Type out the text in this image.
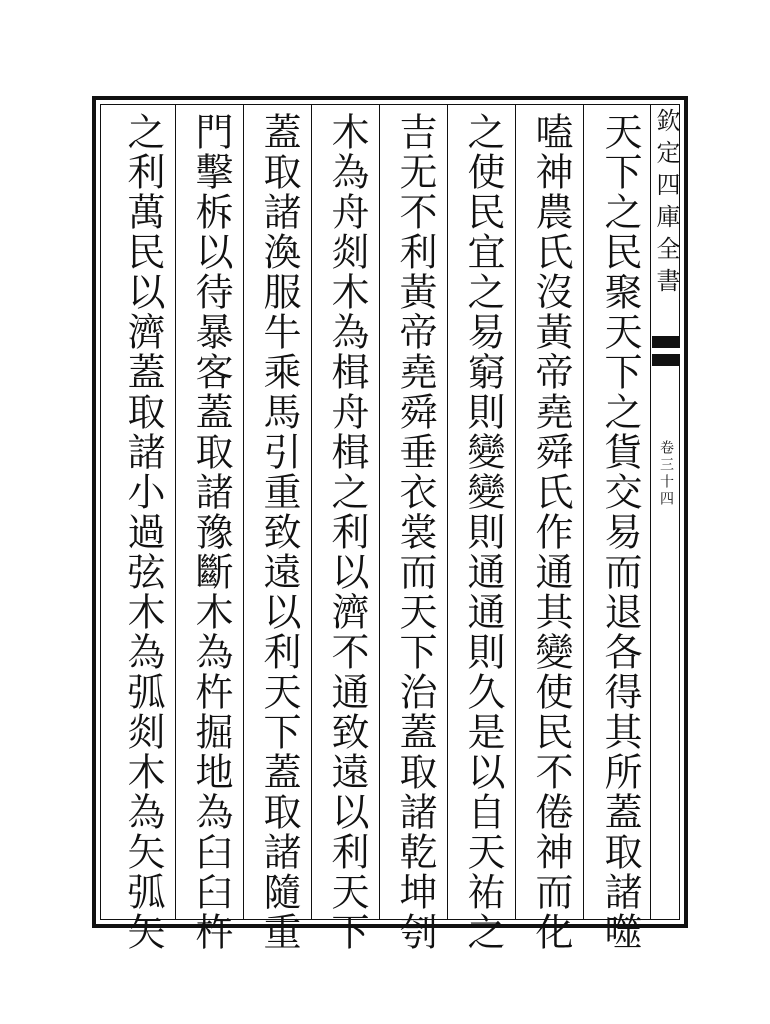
欽定四庫全書
卷三十四
天下之民聚天下之貨交易而退各得其所蓋取諸噬
嗑神農氏沒黃帝堯舜氏作通其變使民不倦神而化
之使民宜之易窮則變變則通通則久是以自天祐之
吉无不利黃帝堯舜垂衣裳而天下治蓋取諸乾坤刳
木為舟剡木為楫舟楫之利以濟不通致遠以利天下
蓋取諸渙服牛乘馬引重致遠以利天下蓋取諸隨重
門擊柝以待暴客蓋取諸豫斷木為杵掘地為臼臼杵
之利萬民以濟蓋取諸小過弦木為弧剡木為矢弧矢
